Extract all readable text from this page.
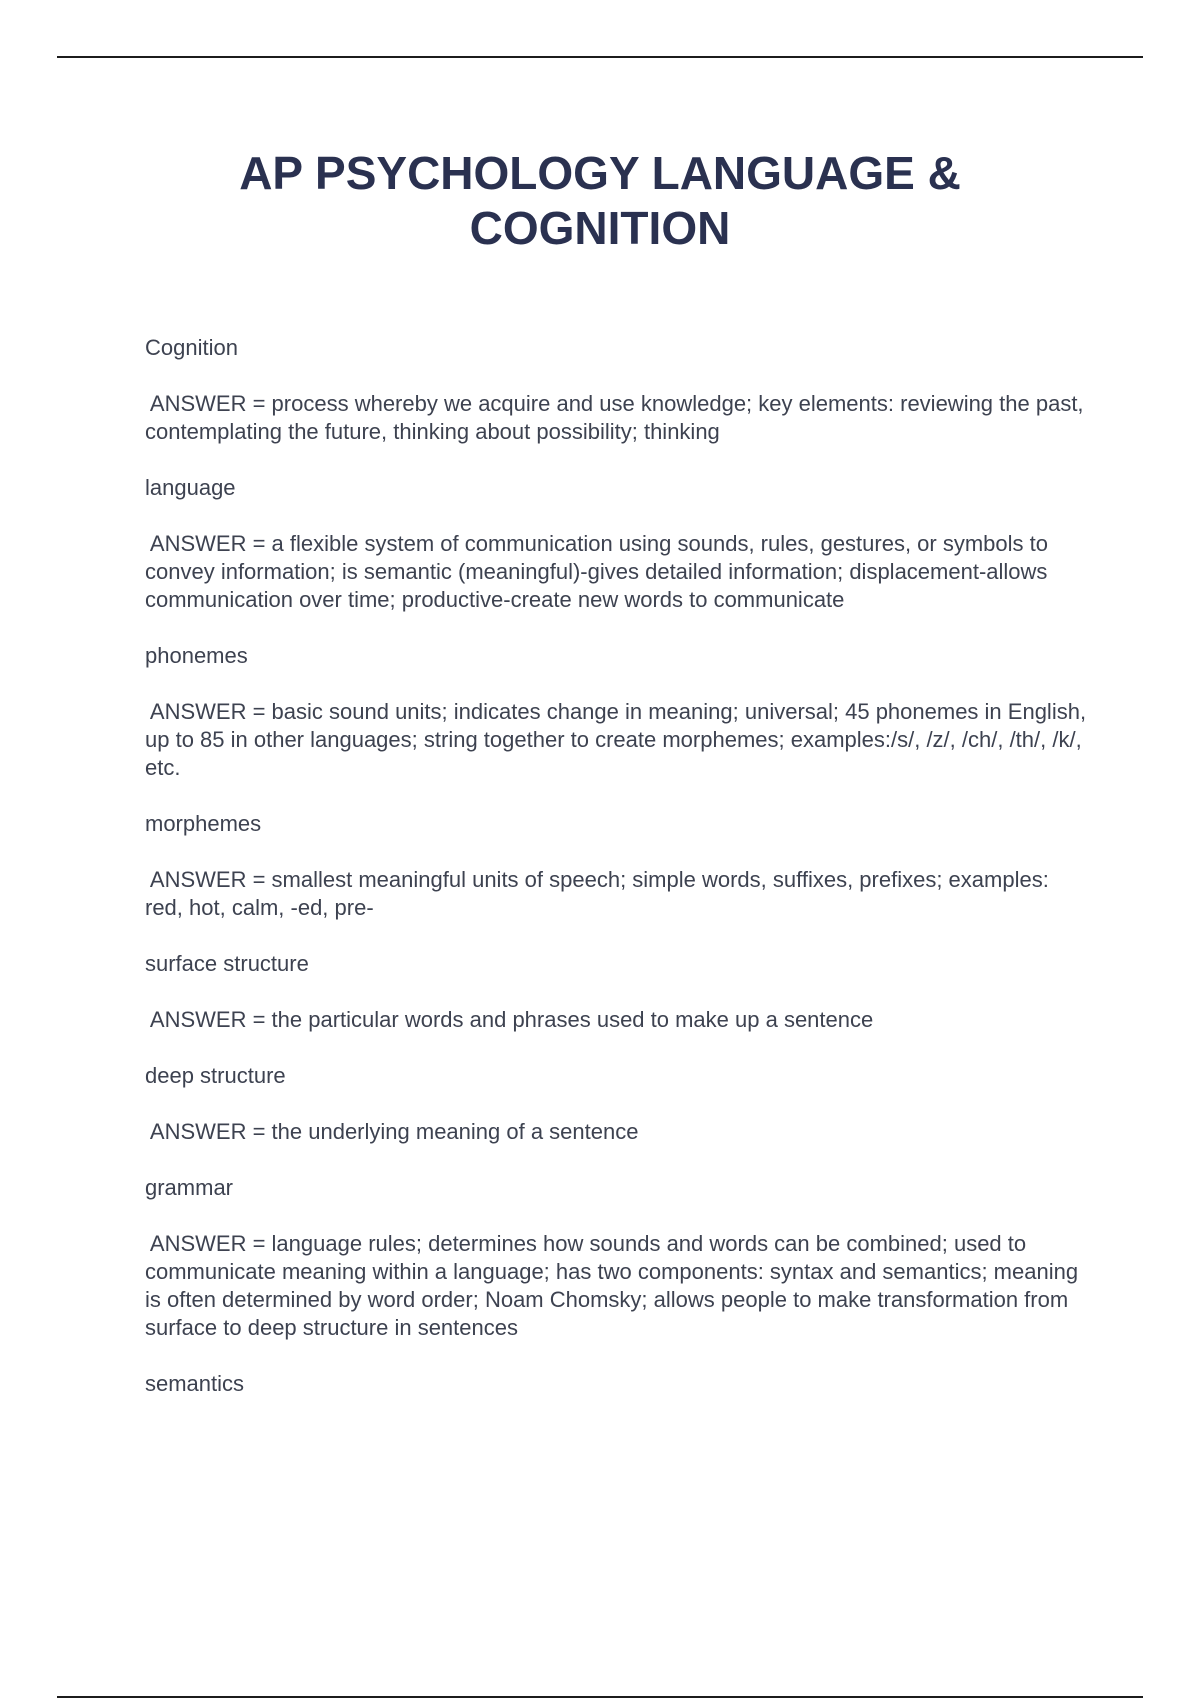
AP PSYCHOLOGY LANGUAGE &
COGNITION

Cognition

ANSWER = process whereby we acquire and use knowledge; key elements: reviewing the past, contemplating the future, thinking about possibility; thinking

language

ANSWER = a flexible system of communication using sounds, rules, gestures, or symbols to convey information; is semantic (meaningful)-gives detailed information; displacement-allows communication over time; productive-create new words to communicate

phonemes

ANSWER = basic sound units; indicates change in meaning; universal; 45 phonemes in English, up to 85 in other languages; string together to create morphemes; examples:/s/, /z/, /ch/, /th/, /k/, etc.

morphemes

ANSWER = smallest meaningful units of speech; simple words, suffixes, prefixes; examples: red, hot, calm, -ed, pre-

surface structure

ANSWER = the particular words and phrases used to make up a sentence

deep structure

ANSWER = the underlying meaning of a sentence

grammar

ANSWER = language rules; determines how sounds and words can be combined; used to communicate meaning within a language; has two components: syntax and semantics; meaning is often determined by word order; Noam Chomsky; allows people to make transformation from surface to deep structure in sentences

semantics
